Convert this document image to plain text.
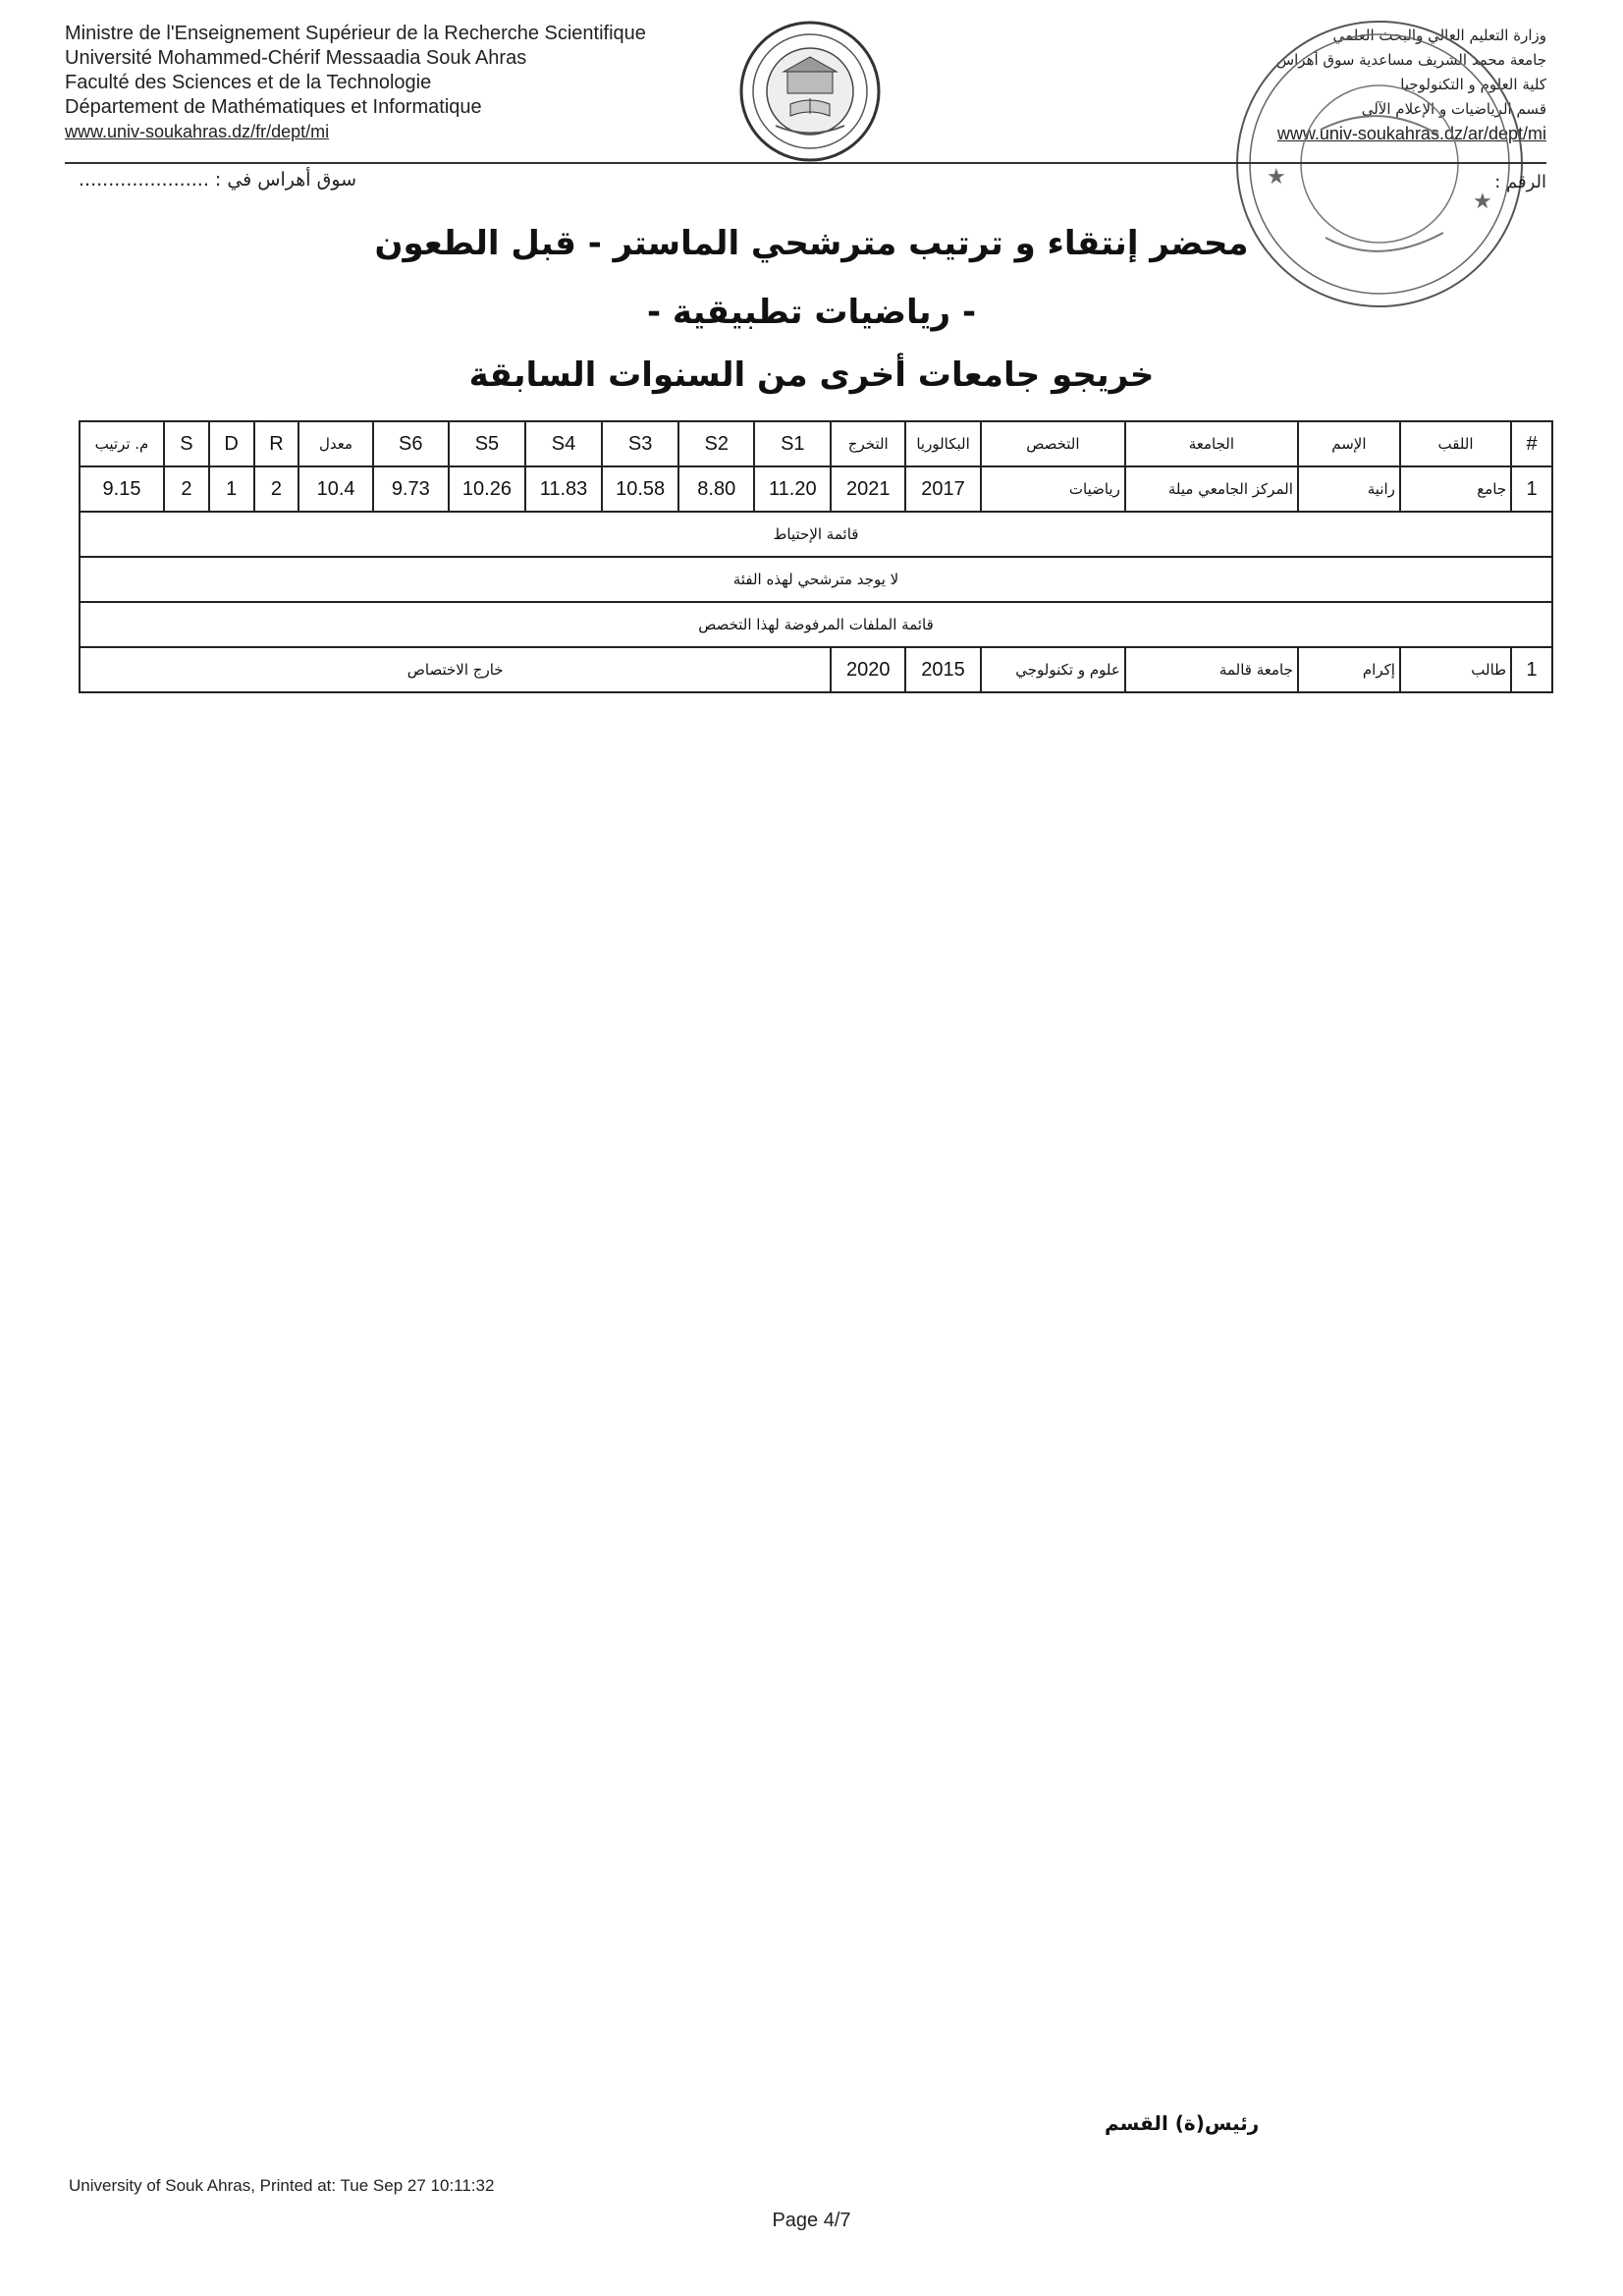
Ministre de l'Enseignement Supérieur de la Recherche Scientifique
Université Mohammed-Chérif Messaadia Souk Ahras
Faculté des Sciences et de la Technologie
Département de Mathématiques et Informatique
www.univ-soukahras.dz/fr/dept/mi
وزارة التعليم العالي والبحث العلمي
جامعة محمد الشريف مساعدية سوق أهراس
كلية العلوم و التكنولوجيا
قسم الرياضيات و الإعلام الآلي
www.univ-soukahras.dz/ar/dept/mi
★
★
سوق أهراس في : ......................	الرقم :
محضر إنتقاء و ترتيب مترشحي الماستر - قبل الطعون
- رياضيات تطبيقية -
خريجو جامعات أخرى من السنوات السابقة
#	اللقب	الإسم	الجامعة	التخصص	البكالوريا	التخرج	S1	S2	S3	S4	S5	S6	معدل	R	D	S	م. ترتيب
1	جامع	رانية	المركز الجامعي ميلة	رياضيات	2017	2021	11.20	8.80	10.58	11.83	10.26	9.73	10.4	2	1	2	9.15
قائمة الإحتياط																	
لا يوجد مترشحي لهذه الفئة																	
قائمة الملفات المرفوضة لهذا التخصص																	
1	طالب	إكرام	جامعة قالمة	علوم و تكنولوجي	2015	2020	خارج الاختصاص										
رئيس(ة) القسم
University of Souk Ahras, Printed at: Tue Sep 27 10:11:32
Page 4/7
